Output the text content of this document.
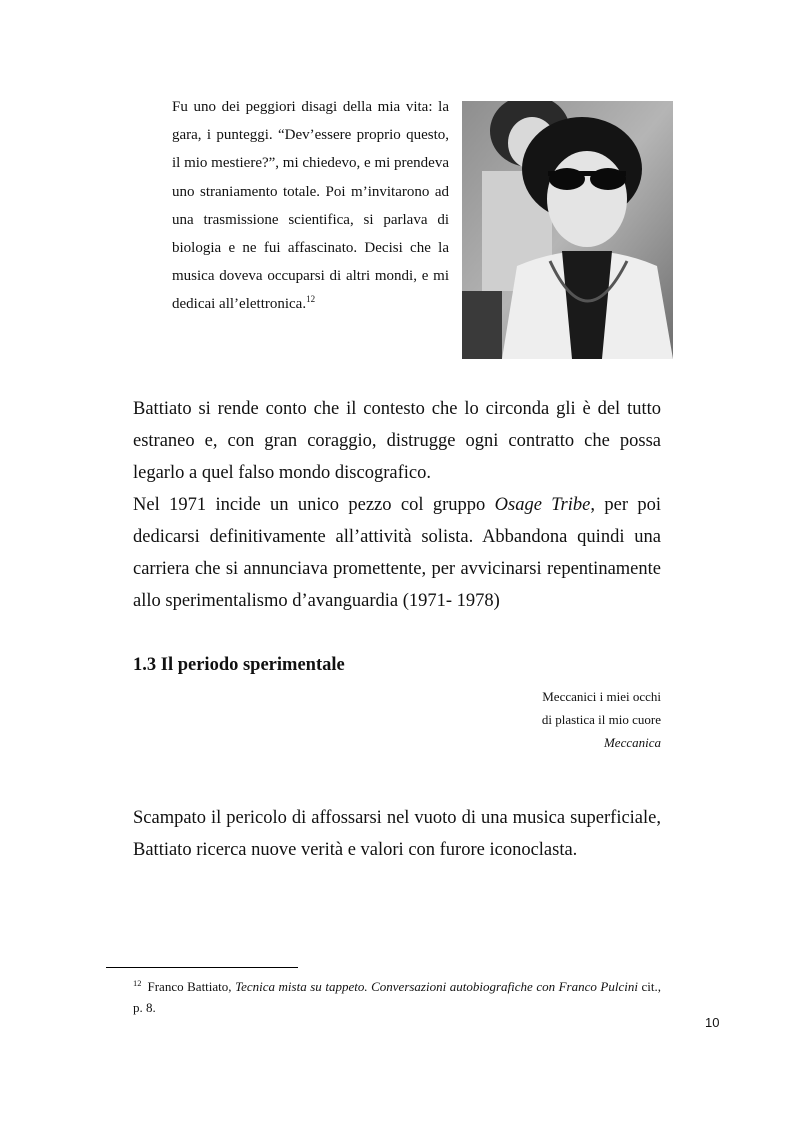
Fu uno dei peggiori disagi della mia vita: la gara, i punteggi. “Dev’essere proprio questo, il mio mestiere?”, mi chiedevo, e mi prendeva uno straniamento totale. Poi m’invitarono ad una trasmissione scientifica, si parlava di biologia e ne fui affascinato. Decisi che la musica doveva occuparsi di altri mondi, e mi dedicai all’elettronica.$^{12}$

Battiato si rende conto che il contesto che lo circonda gli è del tutto estraneo e, con gran coraggio, distrugge ogni contratto che possa legarlo a quel falso mondo discografico.

Nel 1971 incide un unico pezzo col gruppo Osage Tribe, per poi dedicarsi definitivamente all’attività solista. Abbandona quindi una carriera che si annunciava promettente, per avvicinarsi repentinamente allo sperimentalismo d’avanguardia (1971- 1978)

1.3 Il periodo sperimentale
Meccanici i miei occhi
di plastica il mio cuore
Meccanica

Scampato il pericolo di affossarsi nel vuoto di una musica superficiale, Battiato ricerca nuove verità e valori con furore iconoclasta.

$^{12}$ Franco Battiato, Tecnica mista su tappeto. Conversazioni autobiografiche con Franco Pulcini cit., p. 8.
10
